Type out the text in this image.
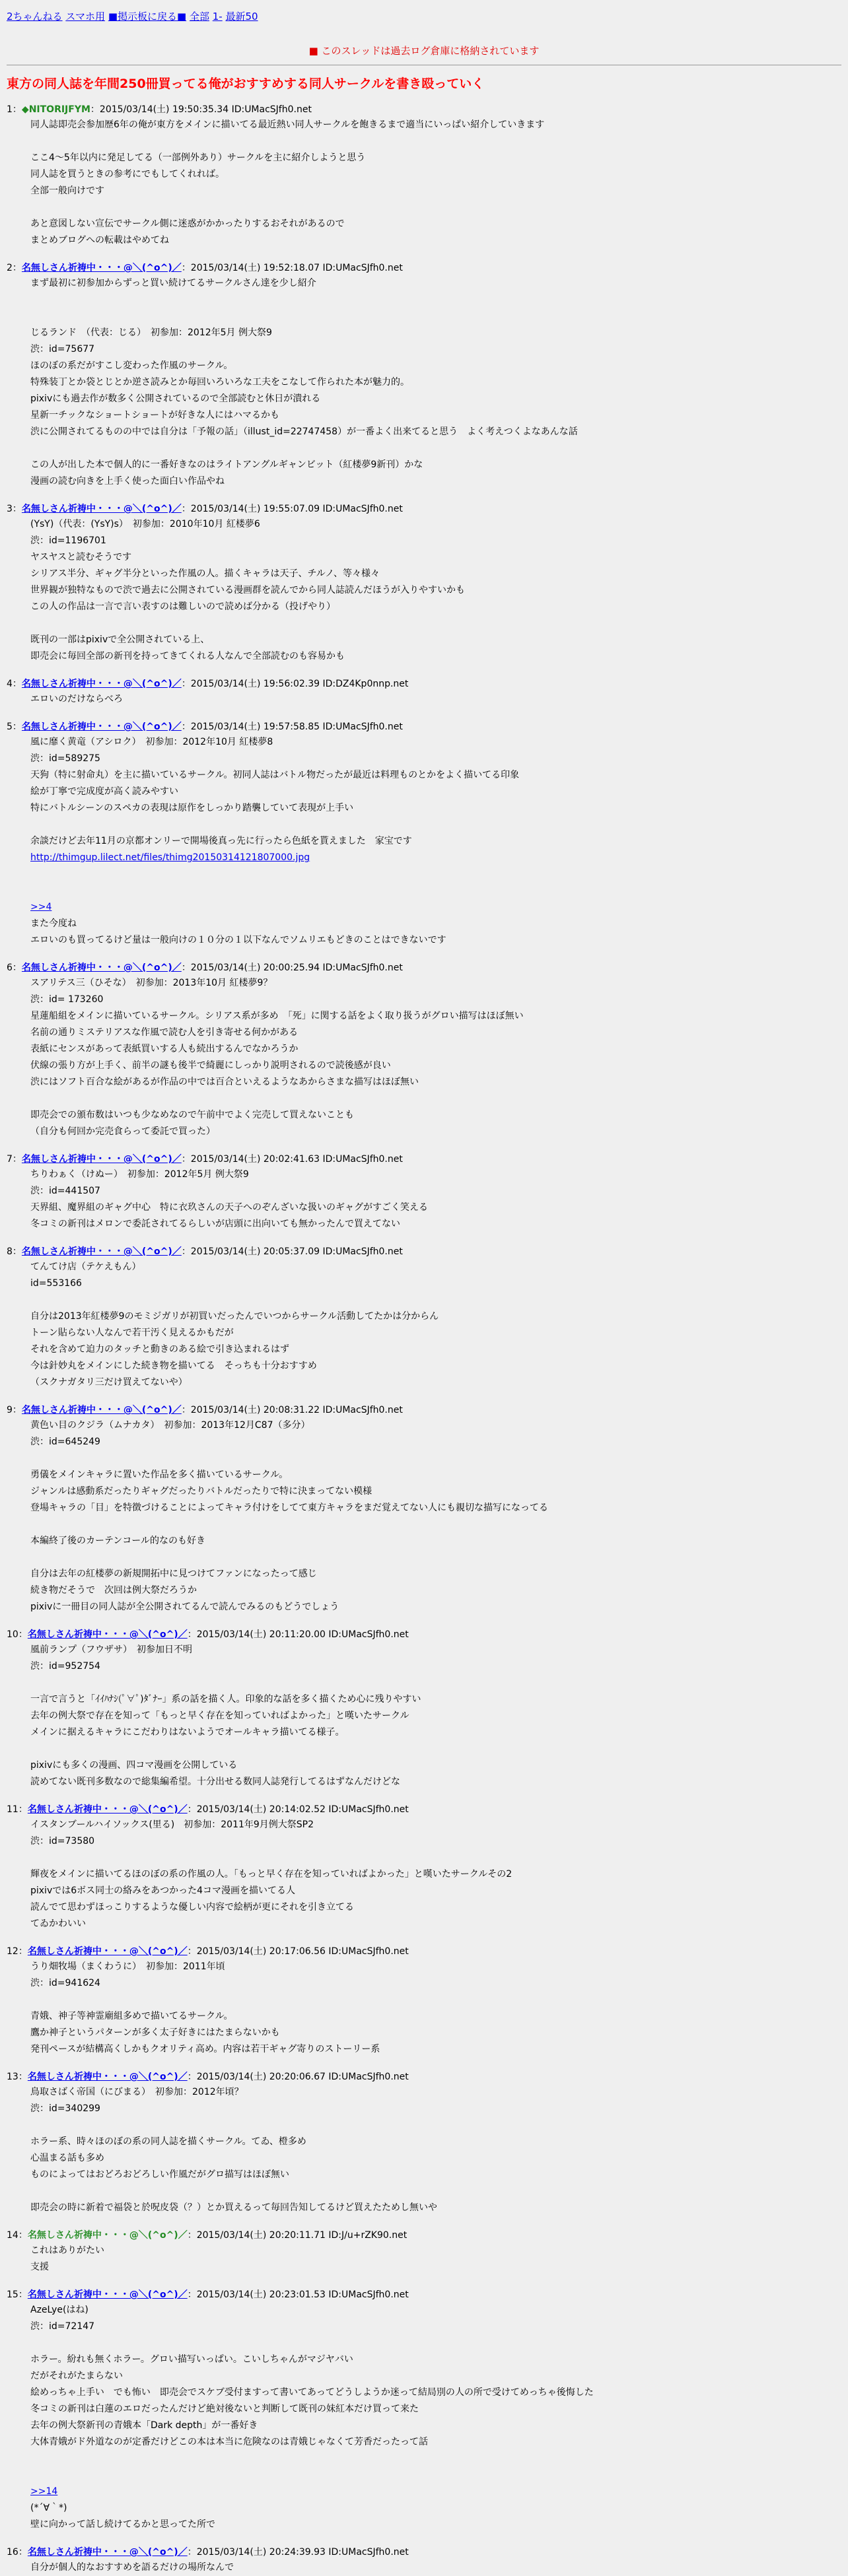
2ちゃんねる スマホ用 ■掲示板に戻る■ 全部 1- 最新50
■ このスレッドは過去ログ倉庫に格納されています
東方の同人誌を年間250冊買ってる俺がおすすめする同人サークルを書き殴っていく
1：◆NITORIJFYM：2015/03/14(土) 19:50:35.34 ID:UMacSJfh0.net
同人誌即売会参加歴6年の俺が東方をメインに描いてる最近熱い同人サークルを飽きるまで適当にいっぱい紹介していきます

ここ4〜5年以内に発足してる（一部例外あり）サークルを主に紹介しようと思う
同人誌を買うときの参考にでもしてくれれば。
全部一般向けです

あと意図しない宣伝でサークル側に迷惑がかかったりするおそれがあるので
まとめブログへの転載はやめてね
2：名無しさん祈祷中・・・@＼(^o^)／：2015/03/14(土) 19:52:18.07 ID:UMacSJfh0.net
まず最初に初参加からずっと買い続けてるサークルさん達を少し紹介

じるランド　（代表：じる）　初参加：2012年5月 例大祭9
渋：id=75677
ほのぼの系だがすこし変わった作風のサークル。
特殊装丁とか袋とじとか逆さ読みとか毎回いろいろな工夫をこなして作られた本が魅力的。
pixivにも過去作が数多く公開されているので全部読むと休日が潰れる
星新一チックなショートショートが好きな人にはハマるかも
渋に公開されてるものの中では自分は「予報の話」（illust_id=22747458）が一番よく出来てると思う　よく考えつくよなあんな話

この人が出した本で個人的に一番好きなのはライトアングルギャンビット（紅楼夢9新刊）かな
漫画の読む向きを上手く使った面白い作品やね
3：名無しさん祈祷中・・・@＼(^o^)／：2015/03/14(土) 19:55:07.09 ID:UMacSJfh0.net
(YsY)（代表：(YsY)s）　初参加：2010年10月 紅楼夢6
渋：id=1196701
ヤスヤスと読むそうです
シリアス半分、ギャグ半分といった作風の人。描くキャラは天子、チルノ、等々様々
世界観が独特なもので渋で過去に公開されている漫画群を読んでから同人誌読んだほうが入りやすいかも
この人の作品は一言で言い表すのは難しいので読めば分かる（投げやり）

既刊の一部はpixivで全公開されている上、
即売会に毎回全部の新刊を持ってきてくれる人なんで全部読むのも容易かも
4：名無しさん祈祷中・・・@＼(^o^)／：2015/03/14(土) 19:56:02.39 ID:DZ4Kp0nnp.net
エロいのだけならべろ
5：名無しさん祈祷中・・・@＼(^o^)／：2015/03/14(土) 19:57:58.85 ID:UMacSJfh0.net
風に靡く黄竜（アシロク）　初参加：2012年10月 紅楼夢8
渋：id=589275
天狗（特に射命丸）を主に描いているサークル。初同人誌はバトル物だったが最近は料理ものとかをよく描いてる印象
絵が丁寧で完成度が高く読みやすい
特にバトルシーンのスペカの表現は原作をしっかり踏襲していて表現が上手い

余談だけど去年11月の京都オンリーで開場後真っ先に行ったら色紙を貰えました　家宝です
http://thimgup.lilect.net/files/thimg20150314121807000.jpg

>>4
また今度ね
エロいのも買ってるけど量は一般向けの１０分の１以下なんでソムリエもどきのことはできないです
6：名無しさん祈祷中・・・@＼(^o^)／：2015/03/14(土) 20:00:25.94 ID:UMacSJfh0.net
スアリテス三（ひそな）　初参加：2013年10月 紅楼夢9？
渋：id= 173260
星蓮船組をメインに描いているサークル。シリアス系が多め　「死」に関する話をよく取り扱うがグロい描写はほぼ無い
名前の通りミステリアスな作風で読む人を引き寄せる何かがある
表紙にセンスがあって表紙買いする人も続出するんでなかろうか
伏線の張り方が上手く、前半の謎も後半で綺麗にしっかり説明されるので読後感が良い
渋にはソフト百合な絵があるが作品の中では百合といえるようなあからさまな描写はほぼ無い

即売会での頒布数はいつも少なめなので午前中でよく完売して買えないことも
（自分も何回か完売食らって委託で買った）
7：名無しさん祈祷中・・・@＼(^o^)／：2015/03/14(土) 20:02:41.63 ID:UMacSJfh0.net
ちりわぁく（けぬー）　初参加：2012年5月 例大祭9
渋：id=441507
天界組、魔界組のギャグ中心　特に衣玖さんの天子へのぞんざいな扱いのギャグがすごく笑える
冬コミの新刊はメロンで委託されてるらしいが店頭に出向いても無かったんで買えてない
8：名無しさん祈祷中・・・@＼(^o^)／：2015/03/14(土) 20:05:37.09 ID:UMacSJfh0.net
てんてけ店（テケえもん）
id=553166

自分は2013年紅楼夢9のモミジガリが初買いだったんでいつからサークル活動してたかは分からん
トーン貼らない人なんで若干汚く見えるかもだが
それを含めて迫力のタッチと動きのある絵で引き込まれるはず
今は針妙丸をメインにした続き物を描いてる　そっちも十分おすすめ
（スクナガタリ三だけ買えてないや）
9：名無しさん祈祷中・・・@＼(^o^)／：2015/03/14(土) 20:08:31.22 ID:UMacSJfh0.net
黄色い目のクジラ（ムナカタ）　初参加：2013年12月C87（多分）
渋：id=645249

勇儀をメインキャラに置いた作品を多く描いているサークル。
ジャンルは感動系だったりギャグだったりバトルだったりで特に決まってない模様
登場キャラの「目」を特徴づけることによってキャラ付けをしてて東方キャラをまだ覚えてない人にも親切な描写になってる

本編終了後のカーテンコール的なのも好き

自分は去年の紅楼夢の新規開拓中に見つけてファンになったって感じ
続き物だそうで　次回は例大祭だろうか
pixivに一冊目の同人誌が全公開されてるんで読んでみるのもどうでしょう
10：名無しさん祈祷中・・・@＼(^o^)／：2015/03/14(土) 20:11:20.00 ID:UMacSJfh0.net
風前ランプ（フウザサ）　初参加日不明
渋：id=952754

一言で言うと「ｲｲﾊﾅｼ(ﾟ∀ﾟ)ﾀﾞﾅｰ」系の話を描く人。印象的な話を多く描くため心に残りやすい
去年の例大祭で存在を知って「もっと早く存在を知っていればよかった」と嘆いたサークル
メインに据えるキャラにこだわりはないようでオールキャラ描いてる様子。

pixivにも多くの漫画、四コマ漫画を公開している
読めてない既刊多数なので総集編希望。十分出せる数同人誌発行してるはずなんだけどな
11：名無しさん祈祷中・・・@＼(^o^)／：2015/03/14(土) 20:14:02.52 ID:UMacSJfh0.net
イスタンブールハイソックス(里る)　初参加：2011年9月例大祭SP2
渋：id=73580

輝夜をメインに描いてるほのぼの系の作風の人。「もっと早く存在を知っていればよかった」と嘆いたサークルその2
pixivでは6ボス同士の絡みをあつかった4コマ漫画を描いてる人
読んでて思わずほっこりするような優しい内容で絵柄が更にそれを引き立てる
てゐかわいい
12：名無しさん祈祷中・・・@＼(^o^)／：2015/03/14(土) 20:17:06.56 ID:UMacSJfh0.net
うり畑牧場（まくわうに）　初参加：2011年頃
渋：id=941624

青娥、神子等神霊廟組多めで描いてるサークル。
鷹か神子というパターンが多く太子好きにはたまらないかも
発刊ペースが結構高くしかもクオリティ高め。内容は若干ギャグ寄りのストーリー系
13：名無しさん祈祷中・・・@＼(^o^)／：2015/03/14(土) 20:20:06.67 ID:UMacSJfh0.net
鳥取さばく帝国（にびまる）　初参加：2012年頃？
渋：id=340299

ホラー系、時々ほのぼの系の同人誌を描くサークル。てゐ、橙多め
心温まる話も多め
ものによってはおどろおどろしい作風だがグロ描写はほぼ無い

即売会の時に新着で福袋と於呪皮袋（？）とか買えるって毎回告知してるけど買えたためし無いや
14：名無しさん祈祷中・・・@＼(^o^)／：2015/03/14(土) 20:20:11.71 ID:J/u+rZK90.net
これはありがたい
支援
15：名無しさん祈祷中・・・@＼(^o^)／：2015/03/14(土) 20:23:01.53 ID:UMacSJfh0.net
AzeLye(はね)
渋：id=72147

ホラー。紛れも無くホラー。グロい描写いっぱい。こいしちゃんがマジヤバい
だがそれがたまらない
絵めっちゃ上手い　でも怖い　即売会でスケブ受付ますって書いてあってどうしようか迷って結局別の人の所で受けてめっちゃ後悔した
冬コミの新刊は白蓮のエロだったんだけど絶対後ないと判断して既刊の妹紅本だけ買って来た
去年の例大祭新刊の青娥本「Dark depth」が一番好き
大体青娥がド外道なのが定番だけどこの本は本当に危険なのは青娥じゃなくて芳香だったって話

>>14
(*´∀｀*)
壁に向かって話し続けてるかと思ってた所で
16：名無しさん祈祷中・・・@＼(^o^)／：2015/03/14(土) 20:24:39.93 ID:UMacSJfh0.net
自分が個人的なおすすめを語るだけの場所なんで
